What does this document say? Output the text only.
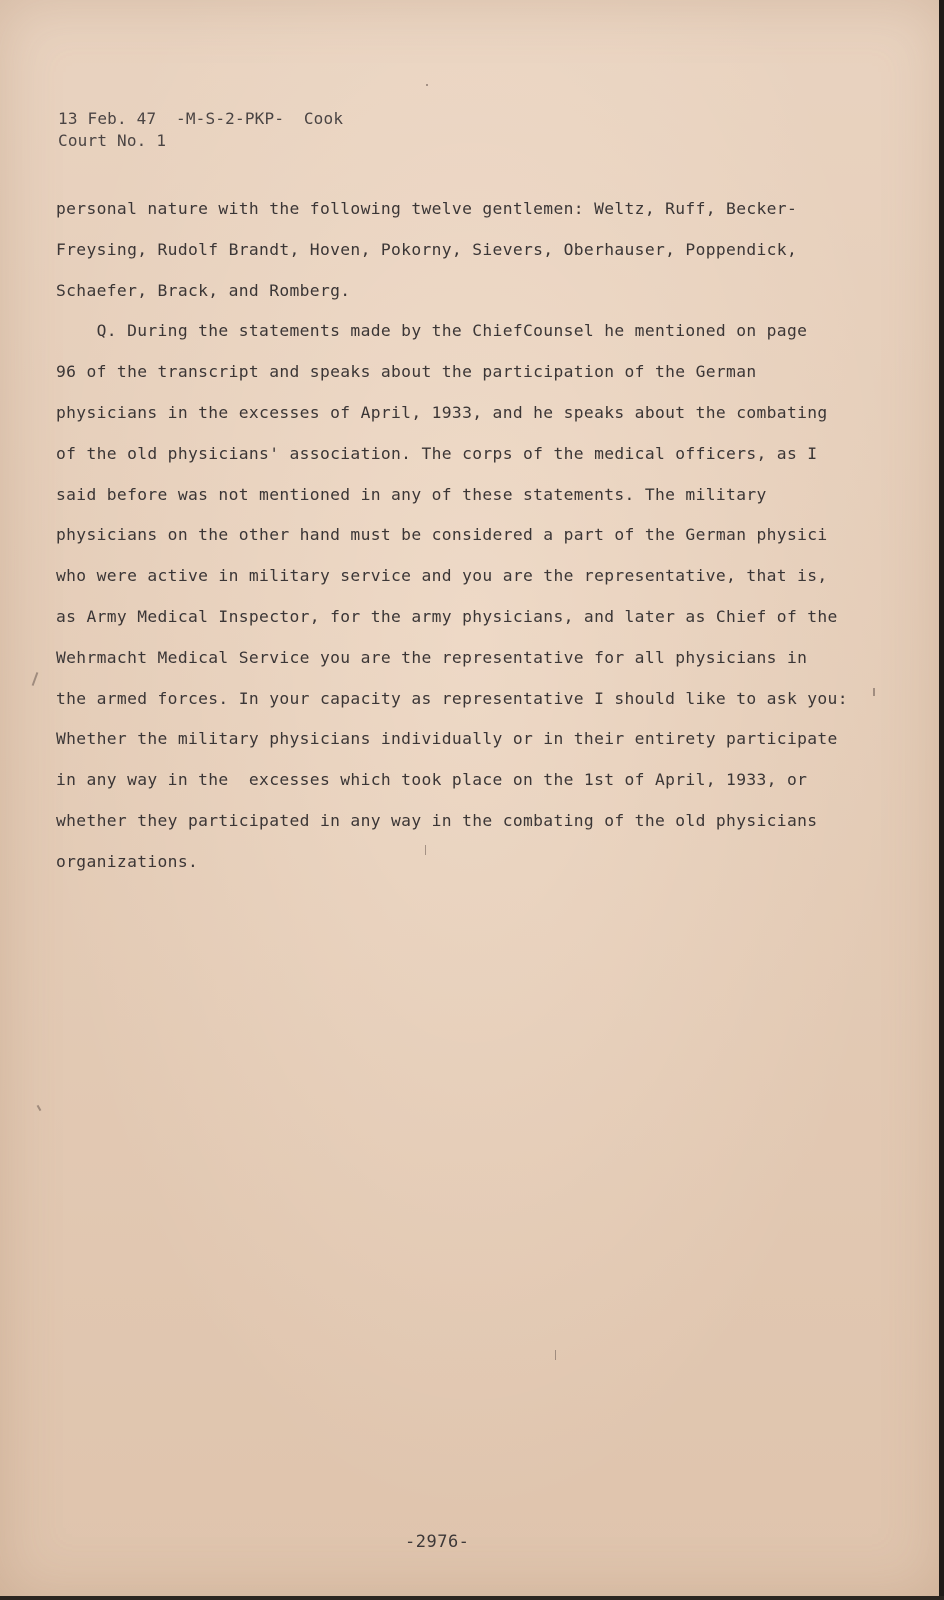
13 Feb. 47  -M-S-2-PKP-  Cook
Court No. 1
personal nature with the following twelve gentlemen: Weltz, Ruff, Becker-
Freysing, Rudolf Brandt, Hoven, Pokorny, Sievers, Oberhauser, Poppendick,
Schaefer, Brack, and Romberg.
Q. During the statements made by the ChiefCounsel he mentioned on page
96 of the transcript and speaks about the participation of the German
physicians in the excesses of April, 1933, and he speaks about the combating
of the old physicians' association. The corps of the medical officers, as I
said before was not mentioned in any of these statements. The military
physicians on the other hand must be considered a part of the German physici
who were active in military service and you are the representative, that is,
as Army Medical Inspector, for the army physicians, and later as Chief of the
Wehrmacht Medical Service you are the representative for all physicians in
the armed forces. In your capacity as representative I should like to ask you:
Whether the military physicians individually or in their entirety participate
in any way in the  excesses which took place on the 1st of April, 1933, or
whether they participated in any way in the combating of the old physicians
organizations.
-2976-
